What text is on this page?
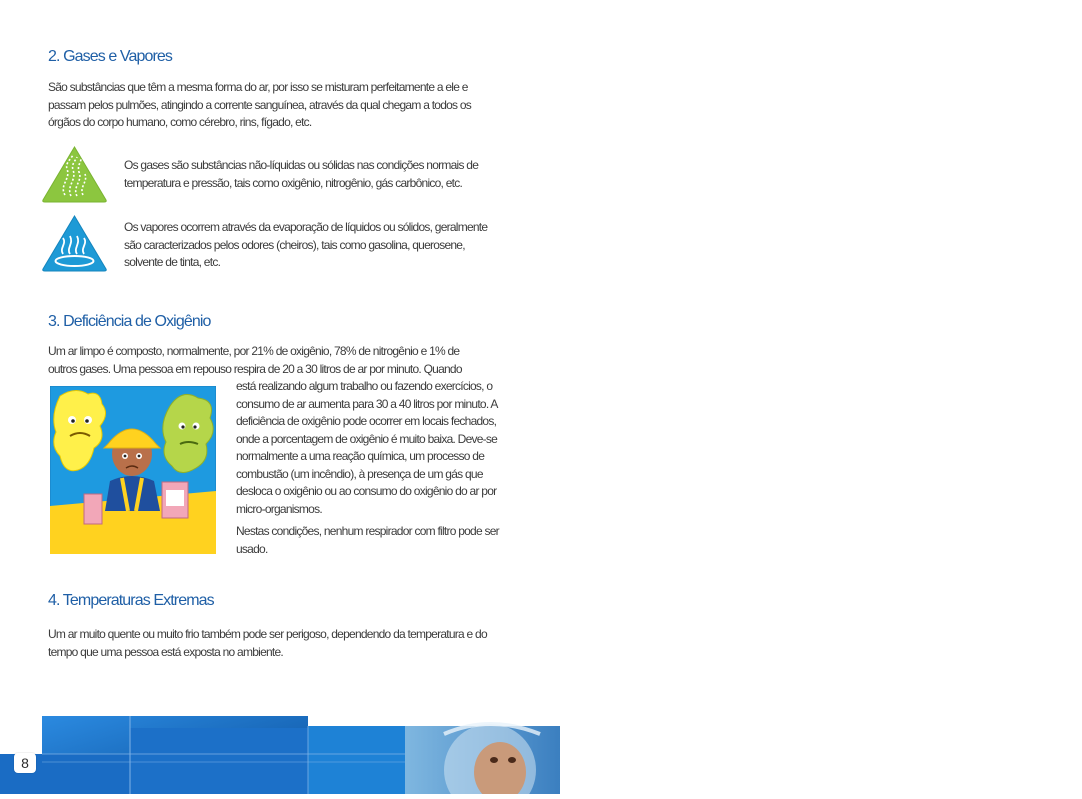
2. Gases e Vapores

São substâncias que têm a mesma forma do ar, por isso se misturam perfeitamente a ele e passam pelos pulmões, atingindo a corrente sanguínea, através da qual chegam a todos os órgãos do corpo humano, como cérebro, rins, fígado, etc.

Os gases são substâncias não-líquidas ou sólidas nas condições normais de temperatura e pressão, tais como oxigênio, nitrogênio, gás carbônico, etc.

Os vapores ocorrem através da evaporação de líquidos ou sólidos, geralmente são caracterizados pelos odores (cheiros), tais como gasolina, querosene, solvente de tinta, etc.

3. Deficiência de Oxigênio

Um ar limpo é composto, normalmente, por 21% de oxigênio, 78% de nitrogênio e 1% de outros gases. Uma pessoa em repouso respira de 20 a 30 litros de ar por minuto. Quando

está realizando algum trabalho ou fazendo exercícios, o consumo de ar aumenta para 30 a 40 litros por minuto. A deficiência de oxigênio pode ocorrer em locais fechados, onde a porcentagem de oxigênio é muito baixa. Deve-se normalmente a uma reação química, um processo de combustão (um incêndio), à presença de um gás que desloca o oxigênio ou ao consumo do oxigênio do ar por micro-organismos.

Nestas condições, nenhum respirador com filtro pode ser usado.

4. Temperaturas Extremas

Um ar muito quente ou muito frio também pode ser perigoso, dependendo da temperatura e do tempo que uma pessoa está exposta no ambiente.

8
